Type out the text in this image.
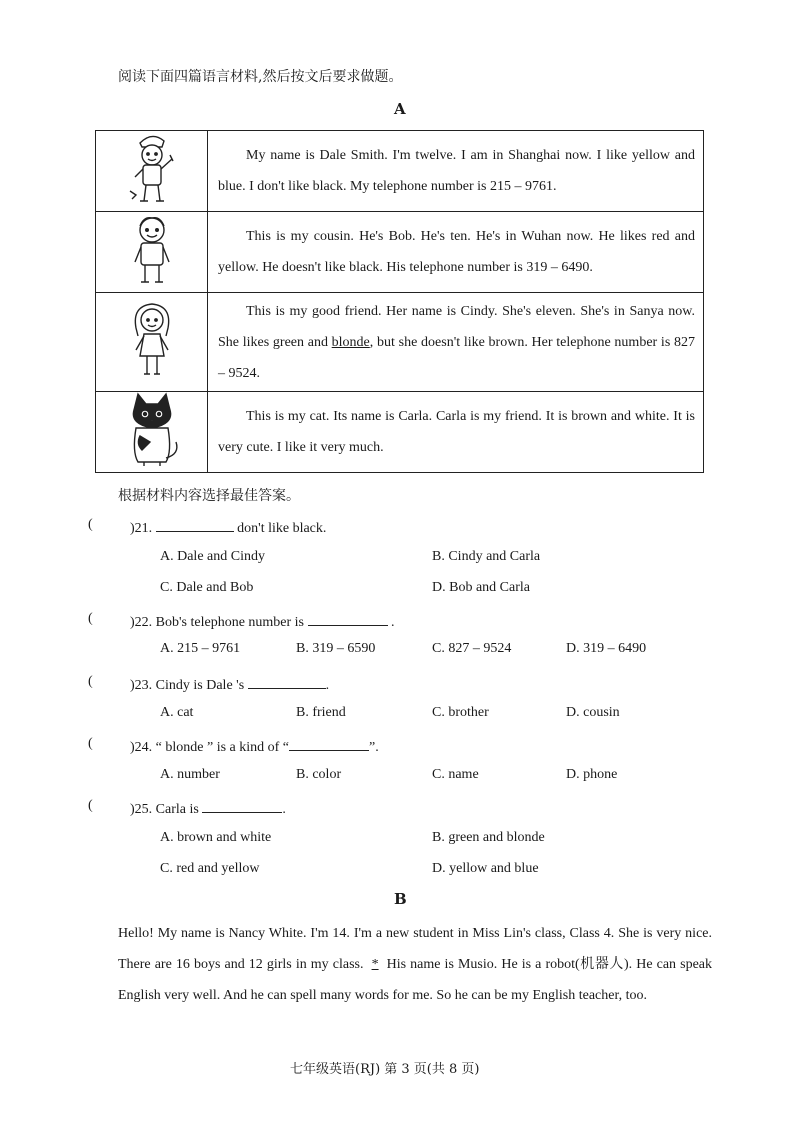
阅读下面四篇语言材料,然后按文后要求做题。
A
	My name is Dale Smith. I'm twelve. I am in Shanghai now. I like yellow and blue. I don't like black. My telephone number is 215 – 9761.
	This is my cousin. He's Bob. He's ten. He's in Wuhan now. He likes red and yellow. He doesn't like black. His telephone number is 319 – 6490.
	This is my good friend. Her name is Cindy. She's eleven. She's in Sanya now. She likes green and blonde, but she doesn't like brown. Her telephone number is 827 – 9524.
	This is my cat. Its name is Carla. Carla is my friend. It is brown and white. It is very cute. I like it very much.
根据材料内容选择最佳答案。
(	)21.	don't like black.
A. Dale and Cindy	B. Cindy and Carla
C. Dale and Bob	D. Bob and Carla
(	)22. Bob's telephone number is	.
A. 215 – 9761	B. 319 – 6590	C. 827 – 9524	D. 319 – 6490
(	)23. Cindy is Dale 's	.
A. cat	B. friend	C. brother	D. cousin
(	)24. “ blonde ” is a kind of “	”.
A. number	B. color	C. name	D. phone
(	)25. Carla is	.
A. brown and white	B. green and blonde
C. red and yellow	D. yellow and blue
B

Hello! My name is Nancy White. I'm 14. I'm a new student in Miss Lin's class, Class 4. She is very nice. There are 16 boys and 12 girls in my class. * His name is Musio. He is a robot(机器人). He can speak English very well. And he can spell many words for me. So he can be my English teacher, too.

七年级英语(RJ) 第 3 页(共 8 页)
